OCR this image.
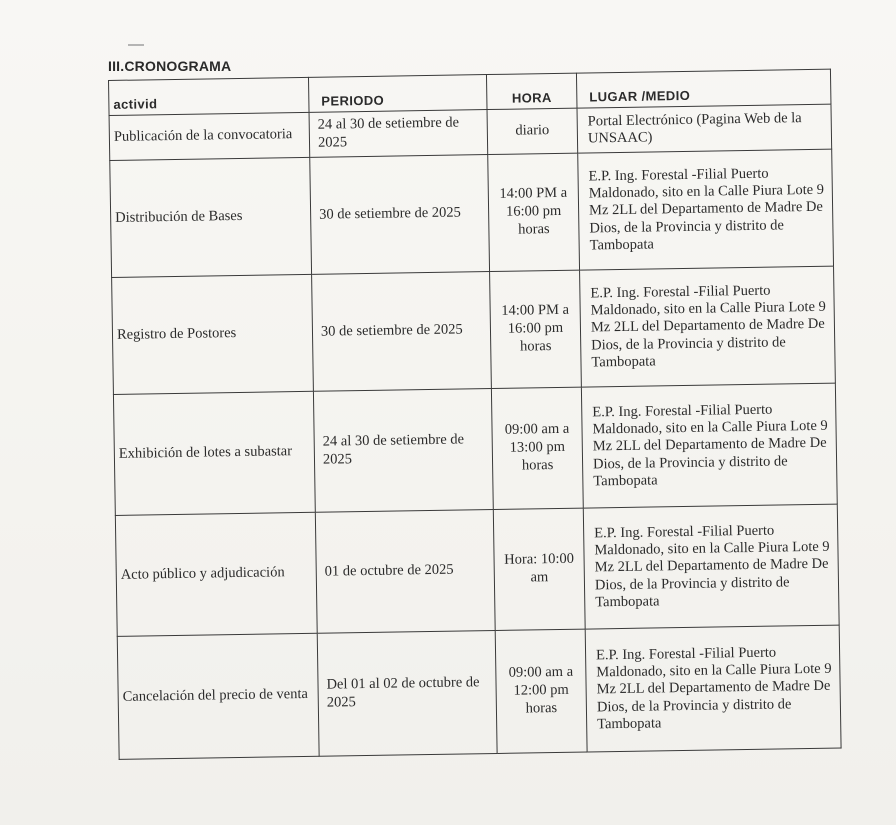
III.CRONOGRAMA
activid	PERIODO	HORA	LUGAR /MEDIO
Publicación de la convocatoria	24 al 30 de setiembre de 2025	diario	Portal Electrónico (Pagina Web de la UNSAAC)
Distribución de Bases	30 de setiembre de 2025	14:00 PM a 16:00 pm horas	E.P. Ing. Forestal -Filial Puerto Maldonado, sito en la Calle Piura Lote 9 Mz 2LL del Departamento de Madre De Dios, de la Provincia y distrito de Tambopata
Registro de Postores	30 de setiembre de 2025	14:00 PM a 16:00 pm horas	E.P. Ing. Forestal -Filial Puerto Maldonado, sito en la Calle Piura Lote 9 Mz 2LL del Departamento de Madre De Dios, de la Provincia y distrito de Tambopata
Exhibición de lotes a subastar	24 al 30 de setiembre de 2025	09:00 am a 13:00 pm horas	E.P. Ing. Forestal -Filial Puerto Maldonado, sito en la Calle Piura Lote 9 Mz 2LL del Departamento de Madre De Dios, de la Provincia y distrito de Tambopata
Acto público y adjudicación	01 de octubre de 2025	Hora: 10:00 am	E.P. Ing. Forestal -Filial Puerto Maldonado, sito en la Calle Piura Lote 9 Mz 2LL del Departamento de Madre De Dios, de la Provincia y distrito de Tambopata
Cancelación del precio de venta	Del 01 al 02 de octubre de 2025	09:00 am a 12:00 pm horas	E.P. Ing. Forestal -Filial Puerto Maldonado, sito en la Calle Piura Lote 9 Mz 2LL del Departamento de Madre De Dios, de la Provincia y distrito de Tambopata
